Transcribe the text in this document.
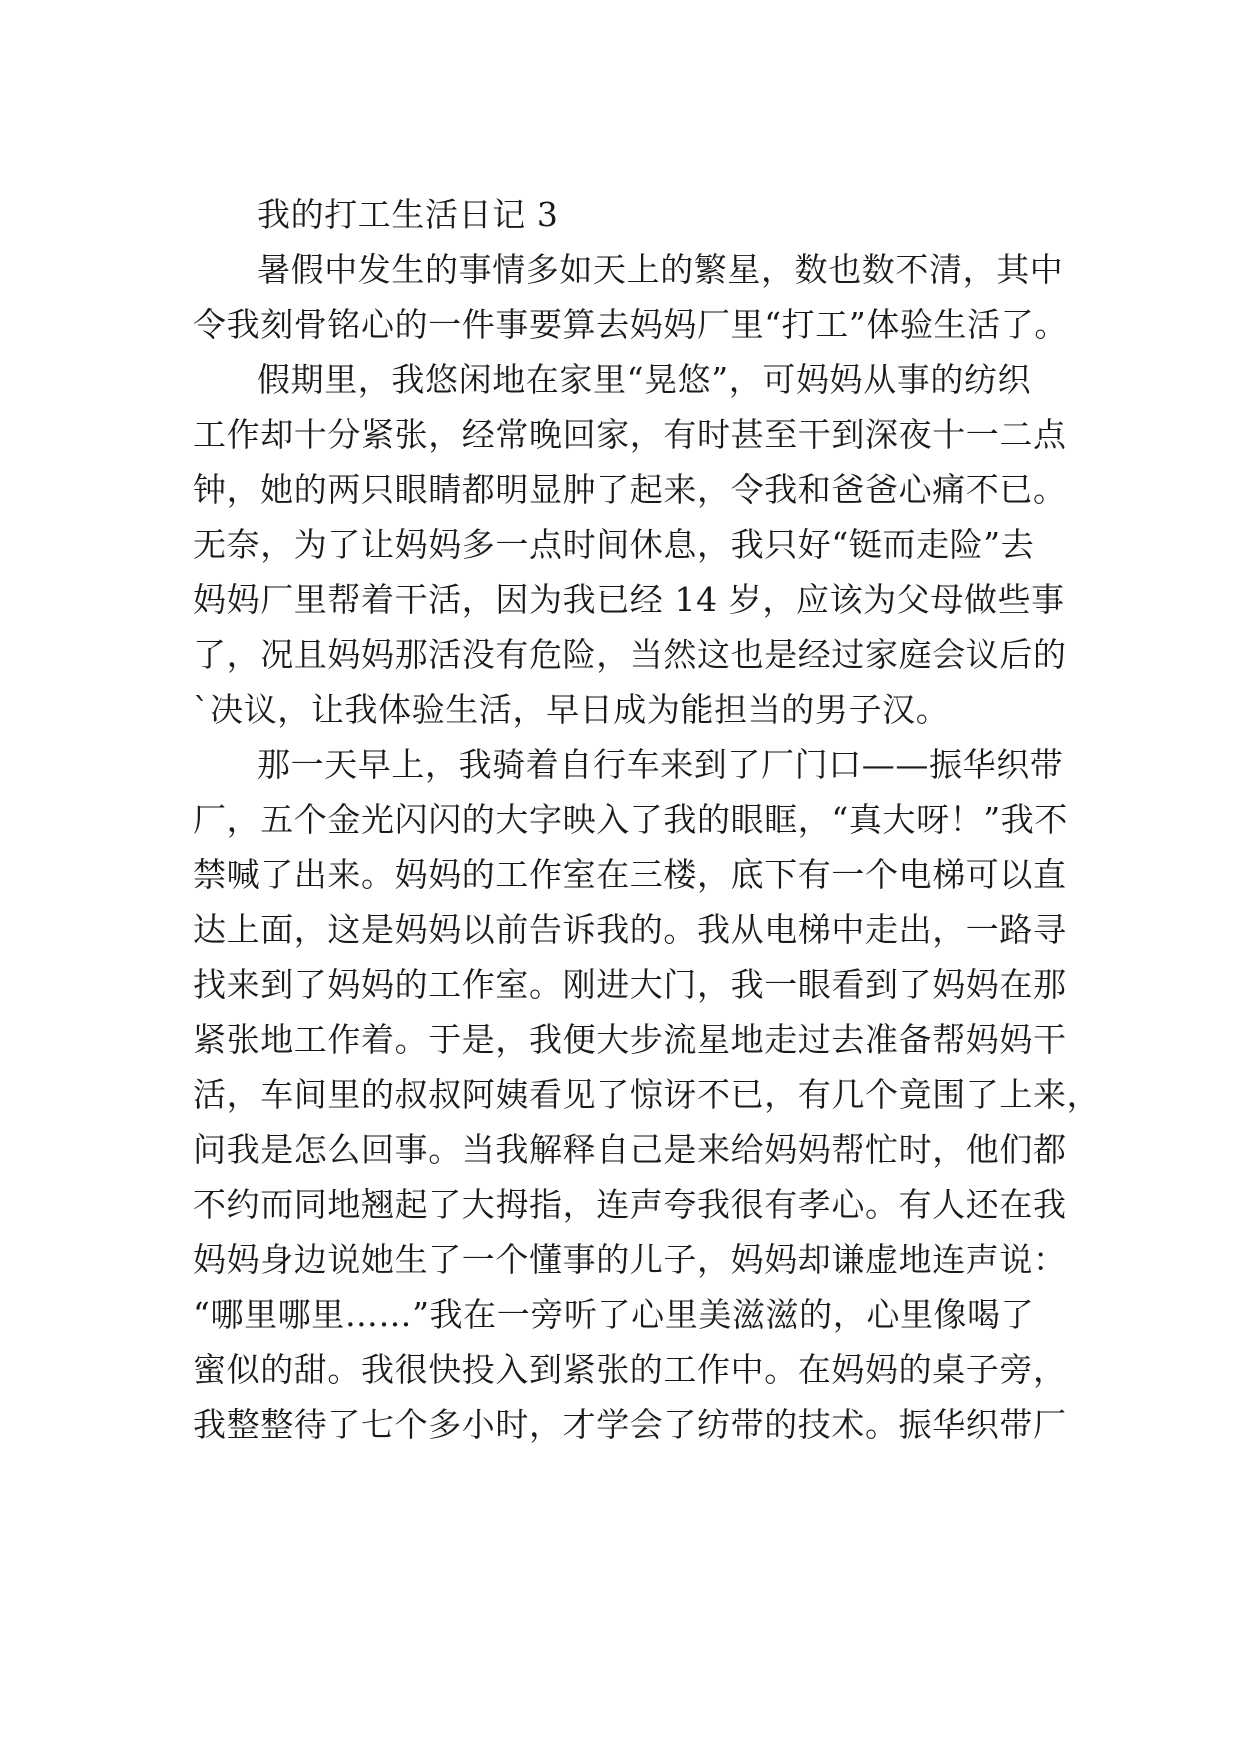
我的打工生活日记 3
暑假中发生的事情多如天上的繁星，数也数不清，其中
令我刻骨铭心的一件事要算去妈妈厂里“打工”体验生活了。
假期里，我悠闲地在家里“晃悠”，可妈妈从事的纺织
工作却十分紧张，经常晚回家，有时甚至干到深夜十一二点
钟，她的两只眼睛都明显肿了起来，令我和爸爸心痛不已。
无奈，为了让妈妈多一点时间休息，我只好“铤而走险”去
妈妈厂里帮着干活，因为我已经 14 岁，应该为父母做些事
了，况且妈妈那活没有危险，当然这也是经过家庭会议后的
`决议，让我体验生活，早日成为能担当的男子汉。
那一天早上，我骑着自行车来到了厂门口——振华织带
厂，五个金光闪闪的大字映入了我的眼眶，“真大呀！”我不
禁喊了出来。妈妈的工作室在三楼，底下有一个电梯可以直
达上面，这是妈妈以前告诉我的。我从电梯中走出，一路寻
找来到了妈妈的工作室。刚进大门，我一眼看到了妈妈在那
紧张地工作着。于是，我便大步流星地走过去准备帮妈妈干
活，车间里的叔叔阿姨看见了惊讶不已，有几个竟围了上来，
问我是怎么回事。当我解释自己是来给妈妈帮忙时，他们都
不约而同地翘起了大拇指，连声夸我很有孝心。有人还在我
妈妈身边说她生了一个懂事的儿子，妈妈却谦虚地连声说：
“哪里哪里……”我在一旁听了心里美滋滋的，心里像喝了
蜜似的甜。我很快投入到紧张的工作中。在妈妈的桌子旁，
我整整待了七个多小时，才学会了纺带的技术。振华织带厂
